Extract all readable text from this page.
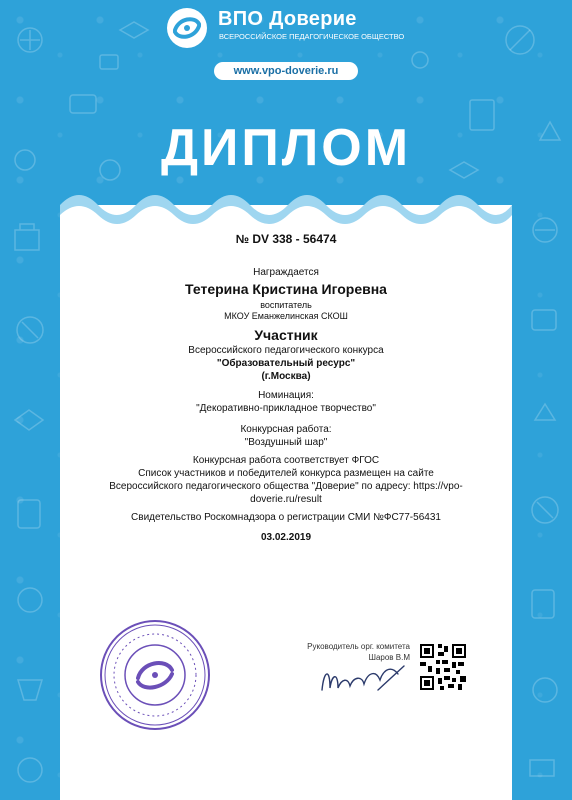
ВПО Доверие
ВСЕРОССИЙСКОЕ ПЕДАГОГИЧЕСКОЕ ОБЩЕСТВО
www.vpo-doverie.ru
ДИПЛОМ

№ DV 338 - 56474

Награждается

Тетерина Кристина Игоревна

воспитатель

МКОУ Еманжелинская СКОШ

Участник

Всероссийского педагогического конкурса

"Образовательный ресурс"

(г.Москва)

Номинация:

"Декоративно-прикладное творчество"

Конкурсная работа:

"Воздушный шар"

Конкурсная работа соответствует ФГОС

Список участников и победителей конкурса размещен на сайте

Всероссийского педагогического общества "Доверие" по адресу: https://vpo-

doverie.ru/result

Свидетельство Роскомнадзора о регистрации СМИ №ФС77-56431

03.02.2019

Руководитель орг. комитета
Шаров В.М
